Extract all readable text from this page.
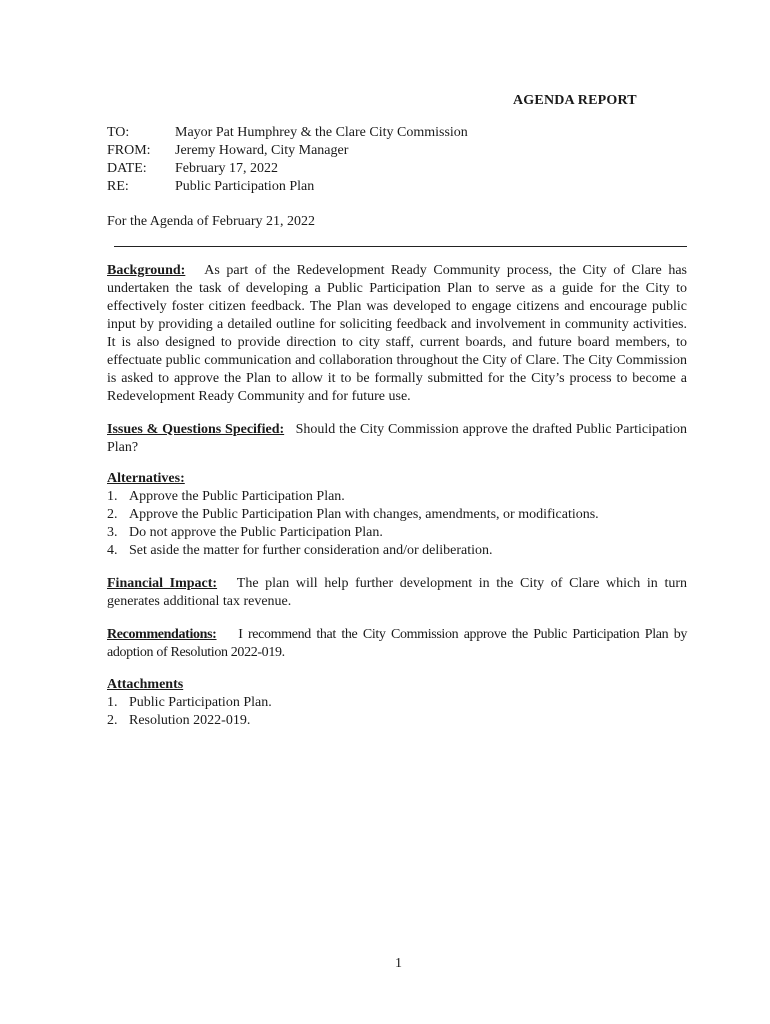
AGENDA REPORT
TO:	Mayor Pat Humphrey & the Clare City Commission
FROM:	Jeremy Howard, City Manager
DATE:	February 17, 2022
RE:	Public Participation Plan
For the Agenda of February 21, 2022
Background: As part of the Redevelopment Ready Community process, the City of Clare has undertaken the task of developing a Public Participation Plan to serve as a guide for the City to effectively foster citizen feedback. The Plan was developed to engage citizens and encourage public input by providing a detailed outline for soliciting feedback and involvement in community activities. It is also designed to provide direction to city staff, current boards, and future board members, to effectuate public communication and collaboration throughout the City of Clare. The City Commission is asked to approve the Plan to allow it to be formally submitted for the City’s process to become a Redevelopment Ready Community and for future use.
Issues & Questions Specified: Should the City Commission approve the drafted Public Participation Plan?
Alternatives:
1. Approve the Public Participation Plan.
2. Approve the Public Participation Plan with changes, amendments, or modifications.
3. Do not approve the Public Participation Plan.
4. Set aside the matter for further consideration and/or deliberation.
Financial Impact: The plan will help further development in the City of Clare which in turn generates additional tax revenue.
Recommendations: I recommend that the City Commission approve the Public Participation Plan by adoption of Resolution 2022-019.
Attachments
1. Public Participation Plan.
2. Resolution 2022-019.
1
